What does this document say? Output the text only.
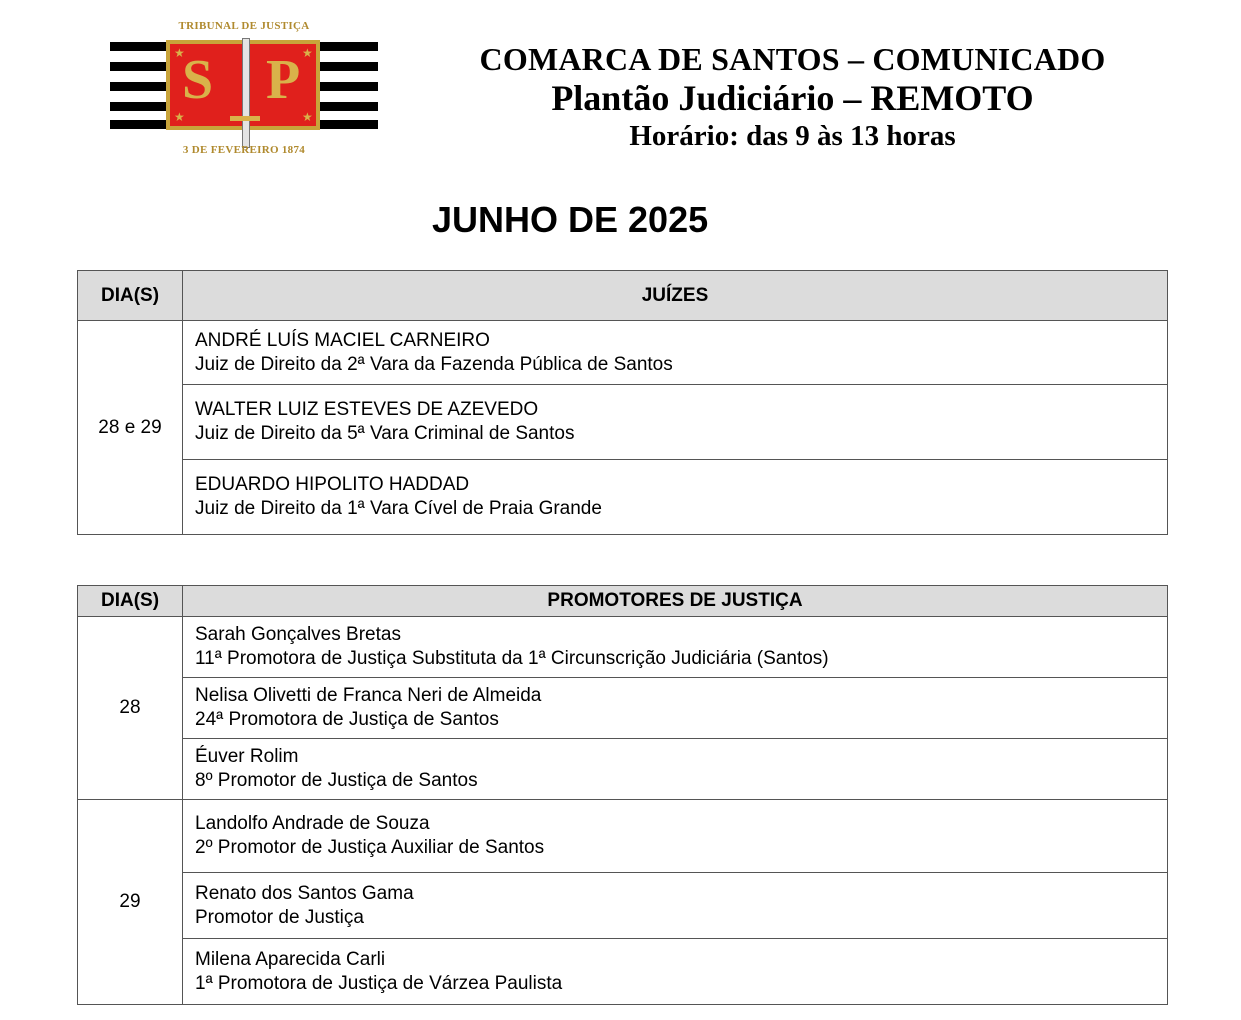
TRIBUNAL DE JUSTIÇA
S P
★	★
★	★
3 DE FEVEREIRO 1874
COMARCA DE SANTOS – COMUNICADO
Plantão Judiciário – REMOTO
Horário: das 9 às 13 horas
JUNHO DE 2025
DIA(S)	JUÍZES
28 e 29	ANDRÉ LUÍS MACIEL CARNEIRO
Juiz de Direito da 2ª Vara da Fazenda Pública de Santos

	WALTER LUIZ ESTEVES DE AZEVEDO
Juiz de Direito da 5ª Vara Criminal de Santos

	EDUARDO HIPOLITO HADDAD
Juiz de Direito da 1ª Vara Cível de Praia Grande
DIA(S)	PROMOTORES DE JUSTIÇA
28	Sarah Gonçalves Bretas
11ª Promotora de Justiça Substituta da 1ª Circunscrição Judiciária (Santos)

	Nelisa Olivetti de Franca Neri de Almeida
24ª Promotora de Justiça de Santos

	Éuver Rolim
8º Promotor de Justiça de Santos

29	Landolfo Andrade de Souza
2º Promotor de Justiça Auxiliar de Santos

	Renato dos Santos Gama
Promotor de Justiça

	Milena Aparecida Carli
1ª Promotora de Justiça de Várzea Paulista
